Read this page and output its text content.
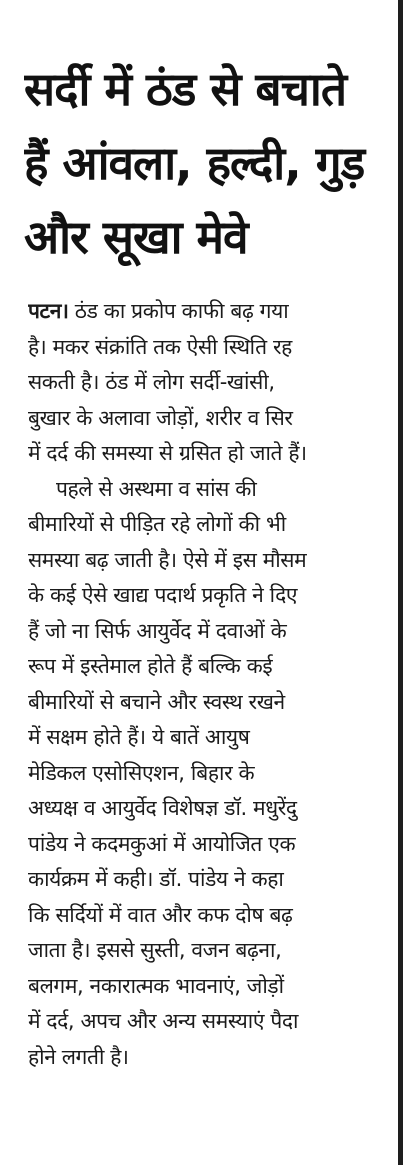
सर्दी में ठंड से बचाते
हैं आंवला, हल्दी, गुड़
और सूखा मेवे
पटन। ठंड का प्रकोप काफी बढ़ गया
है। मकर संक्रांति तक ऐसी स्थिति रह
सकती है। ठंड में लोग सर्दी-खांसी,
बुखार के अलावा जोड़ों, शरीर व सिर
में दर्द की समस्या से ग्रसित हो जाते हैं।
पहले से अस्थमा व सांस की
बीमारियों से पीड़ित रहे लोगों की भी
समस्या बढ़ जाती है। ऐसे में इस मौसम
के कई ऐसे खाद्य पदार्थ प्रकृति ने दिए
हैं जो ना सिर्फ आयुर्वेद में दवाओं के
रूप में इस्तेमाल होते हैं बल्कि कई
बीमारियों से बचाने और स्वस्थ रखने
में सक्षम होते हैं। ये बातें आयुष
मेडिकल एसोसिएशन, बिहार के
अध्यक्ष व आयुर्वेद विशेषज्ञ डॉ. मधुरेंदु
पांडेय ने कदमकुआं में आयोजित एक
कार्यक्रम में कही। डॉ. पांडेय ने कहा
कि सर्दियों में वात और कफ दोष बढ़
जाता है। इससे सुस्ती, वजन बढ़ना,
बलगम, नकारात्मक भावनाएं, जोड़ों
में दर्द, अपच और अन्य समस्याएं पैदा
होने लगती है।
